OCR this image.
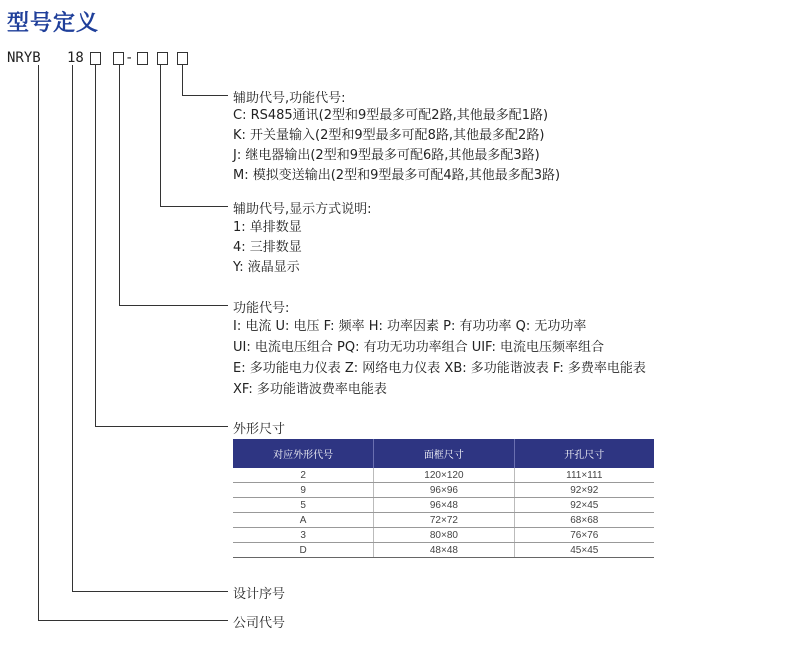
型号定义
NRYB 18	-
辅助代号,功能代号:
C: RS485通讯(2型和9型最多可配2路,其他最多配1路)
K: 开关量输入(2型和9型最多可配8路,其他最多配2路)
J: 继电器输出(2型和9型最多可配6路,其他最多配3路)
M: 模拟变送输出(2型和9型最多可配4路,其他最多配3路)
辅助代号,显示方式说明:
1: 单排数显
4: 三排数显
Y: 液晶显示
功能代号:
I: 电流 U: 电压 F: 频率 H: 功率因素 P: 有功功率 Q: 无功功率
UI: 电流电压组合 PQ: 有功无功功率组合 UIF: 电流电压频率组合
E: 多功能电力仪表 Z: 网络电力仪表 XB: 多功能谐波表 F: 多费率电能表
XF: 多功能谐波费率电能表
外形尺寸
对应外形代号	面框尺寸	开孔尺寸
2	120×120	111×111
9	96×96	92×92
5	96×48	92×45
A	72×72	68×68
3	80×80	76×76
D	48×48	45×45
设计序号
公司代号
